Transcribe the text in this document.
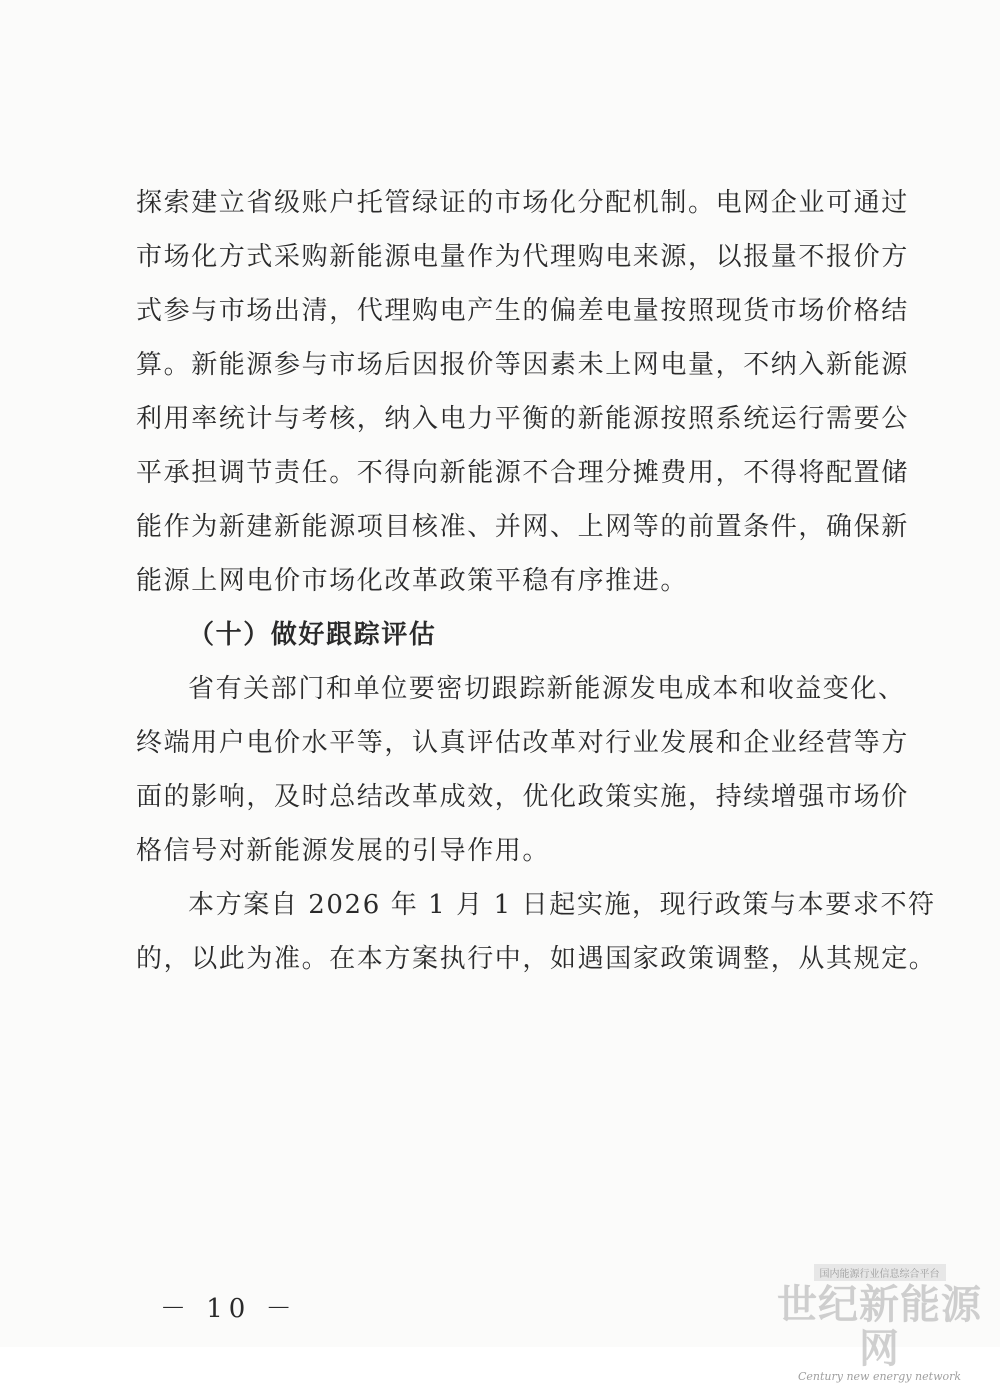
探索建立省级账户托管绿证的市场化分配机制。电网企业可通过
市场化方式采购新能源电量作为代理购电来源，以报量不报价方
式参与市场出清，代理购电产生的偏差电量按照现货市场价格结
算。新能源参与市场后因报价等因素未上网电量，不纳入新能源
利用率统计与考核，纳入电力平衡的新能源按照系统运行需要公
平承担调节责任。不得向新能源不合理分摊费用，不得将配置储
能作为新建新能源项目核准、并网、上网等的前置条件，确保新
能源上网电价市场化改革政策平稳有序推进。
（十）做好跟踪评估
省有关部门和单位要密切跟踪新能源发电成本和收益变化、
终端用户电价水平等，认真评估改革对行业发展和企业经营等方
面的影响，及时总结改革成效，优化政策实施，持续增强市场价
格信号对新能源发展的引导作用。
本方案自 2026 年 1 月 1 日起实施，现行政策与本要求不符
的，以此为准。在本方案执行中，如遇国家政策调整，从其规定。
－ 10 －
国内能源行业信息综合平台
世纪新能源网
Century new energy network
